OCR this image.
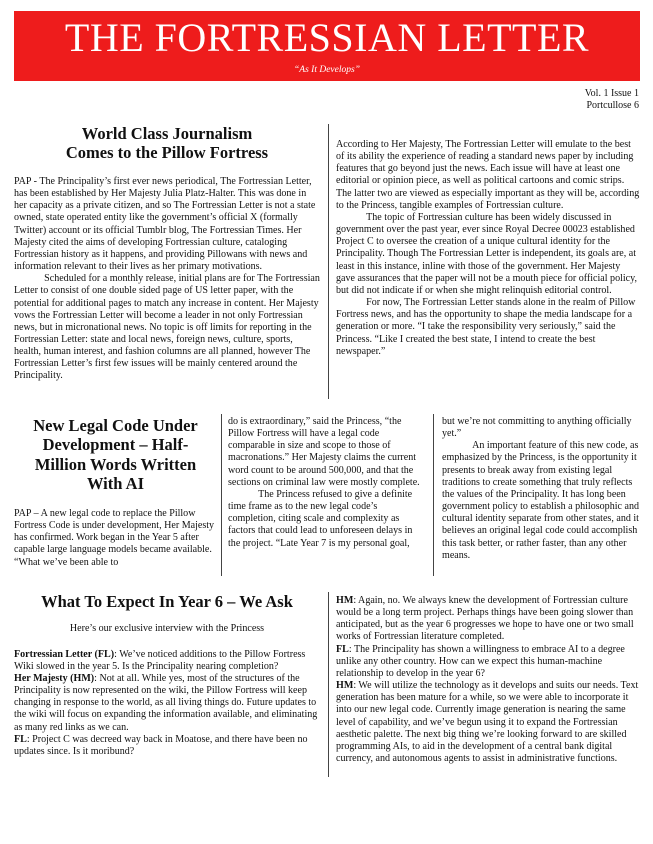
THE FORTRESSIAN LETTER
“As It Develops”
Vol. 1 Issue 1
Portcullose 6
World Class Journalism Comes to the Pillow Fortress

PAP - The Principality’s first ever news periodical, The Fortressian Letter, has been established by Her Majesty Julia Platz-Halter. This was done in her capacity as a private citizen, and so The Fortressian Letter is not a state owned, state operated entity like the government’s official X (formally Twitter) account or its official Tumblr blog, The Fortressian Times. Her Majesty cited the aims of developing Fortressian culture, cataloging Fortressian history as it happens, and providing Pillowans with news and information relevant to their lives as her primary motivations.

Scheduled for a monthly release, initial plans are for The Fortressian Letter to consist of one double sided page of US letter paper, with the potential for additional pages to match any increase in content. Her Majesty vows the Fortressian Letter will become a leader in not only Fortressian news, but in micronational news. No topic is off limits for reporting in the Fortressian Letter: state and local news, foreign news, culture, sports, health, human interest, and fashion columns are all planned, however The Fortressian Letter’s first few issues will be mainly centered around the Principality.

According to Her Majesty, The Fortressian Letter will emulate to the best of its ability the experience of reading a standard news paper by including features that go beyond just the news. Each issue will have at least one editorial or opinion piece, as well as political cartoons and comic strips. The latter two are viewed as especially important as they will be, according to the Princess, tangible examples of Fortressian culture.

The topic of Fortressian culture has been widely discussed in government over the past year, ever since Royal Decree 00023 established Project C to oversee the creation of a unique cultural identity for the Principality. Though The Fortressian Letter is independent, its goals are, at least in this instance, inline with those of the government. Her Majesty gave assurances that the paper will not be a mouth piece for official policy, but did not indicate if or when she might relinquish editorial control.

For now, The Fortressian Letter stands alone in the realm of Pillow Fortress news, and has the opportunity to shape the media landscape for a generation or more. “I take the responsibility very seriously,” said the Princess. “Like I created the best state, I intend to create the best newspaper.”

New Legal Code Under Development – Half-Million Words Written With AI

PAP – A new legal code to replace the Pillow Fortress Code is under development, Her Majesty has confirmed. Work began in the Year 5 after capable large language models became available. “What we’ve been able to

do is extraordinary,” said the Princess, “the Pillow Fortress will have a legal code comparable in size and scope to those of macronations.” Her Majesty claims the current word count to be around 500,000, and that the sections on criminal law were mostly complete.

The Princess refused to give a definite time frame as to the new legal code’s completion, citing scale and complexity as factors that could lead to unforeseen delays in the project. “Late Year 7 is my personal goal,

but we’re not committing to anything officially yet.”

An important feature of this new code, as emphasized by the Princess, is the opportunity it presents to break away from existing legal traditions to create something that truly reflects the values of the Principality. It has long been government policy to establish a philosophic and cultural identity separate from other states, and it believes an original legal code could accomplish this task better, or rather faster, than any other means.

What To Expect In Year 6 – We Ask

Here’s our exclusive interview with the Princess

Fortressian Letter (FL): We’ve noticed additions to the Pillow Fortress Wiki slowed in the year 5. Is the Principality nearing completion?

Her Majesty (HM): Not at all. While yes, most of the structures of the Principality is now represented on the wiki, the Pillow Fortress will keep changing in response to the world, as all living things do. Future updates to the wiki will focus on expanding the information available, and eliminating as many red links as we can.

FL: Project C was decreed way back in Moatose, and there have been no updates since. Is it moribund?

HM: Again, no. We always knew the development of Fortressian culture would be a long term project. Perhaps things have been going slower than anticipated, but as the year 6 progresses we hope to have one or two small works of Fortressian literature completed.

FL: The Principality has shown a willingness to embrace AI to a degree unlike any other country. How can we expect this human-machine relationship to develop in the year 6?

HM: We will utilize the technology as it develops and suits our needs. Text generation has been mature for a while, so we were able to incorporate it into our new legal code. Currently image generation is nearing the same level of capability, and we’ve begun using it to expand the Fortressian aesthetic palette. The next big thing we’re looking forward to are skilled programming AIs, to aid in the development of a central bank digital currency, and autonomous agents to assist in administrative functions.
